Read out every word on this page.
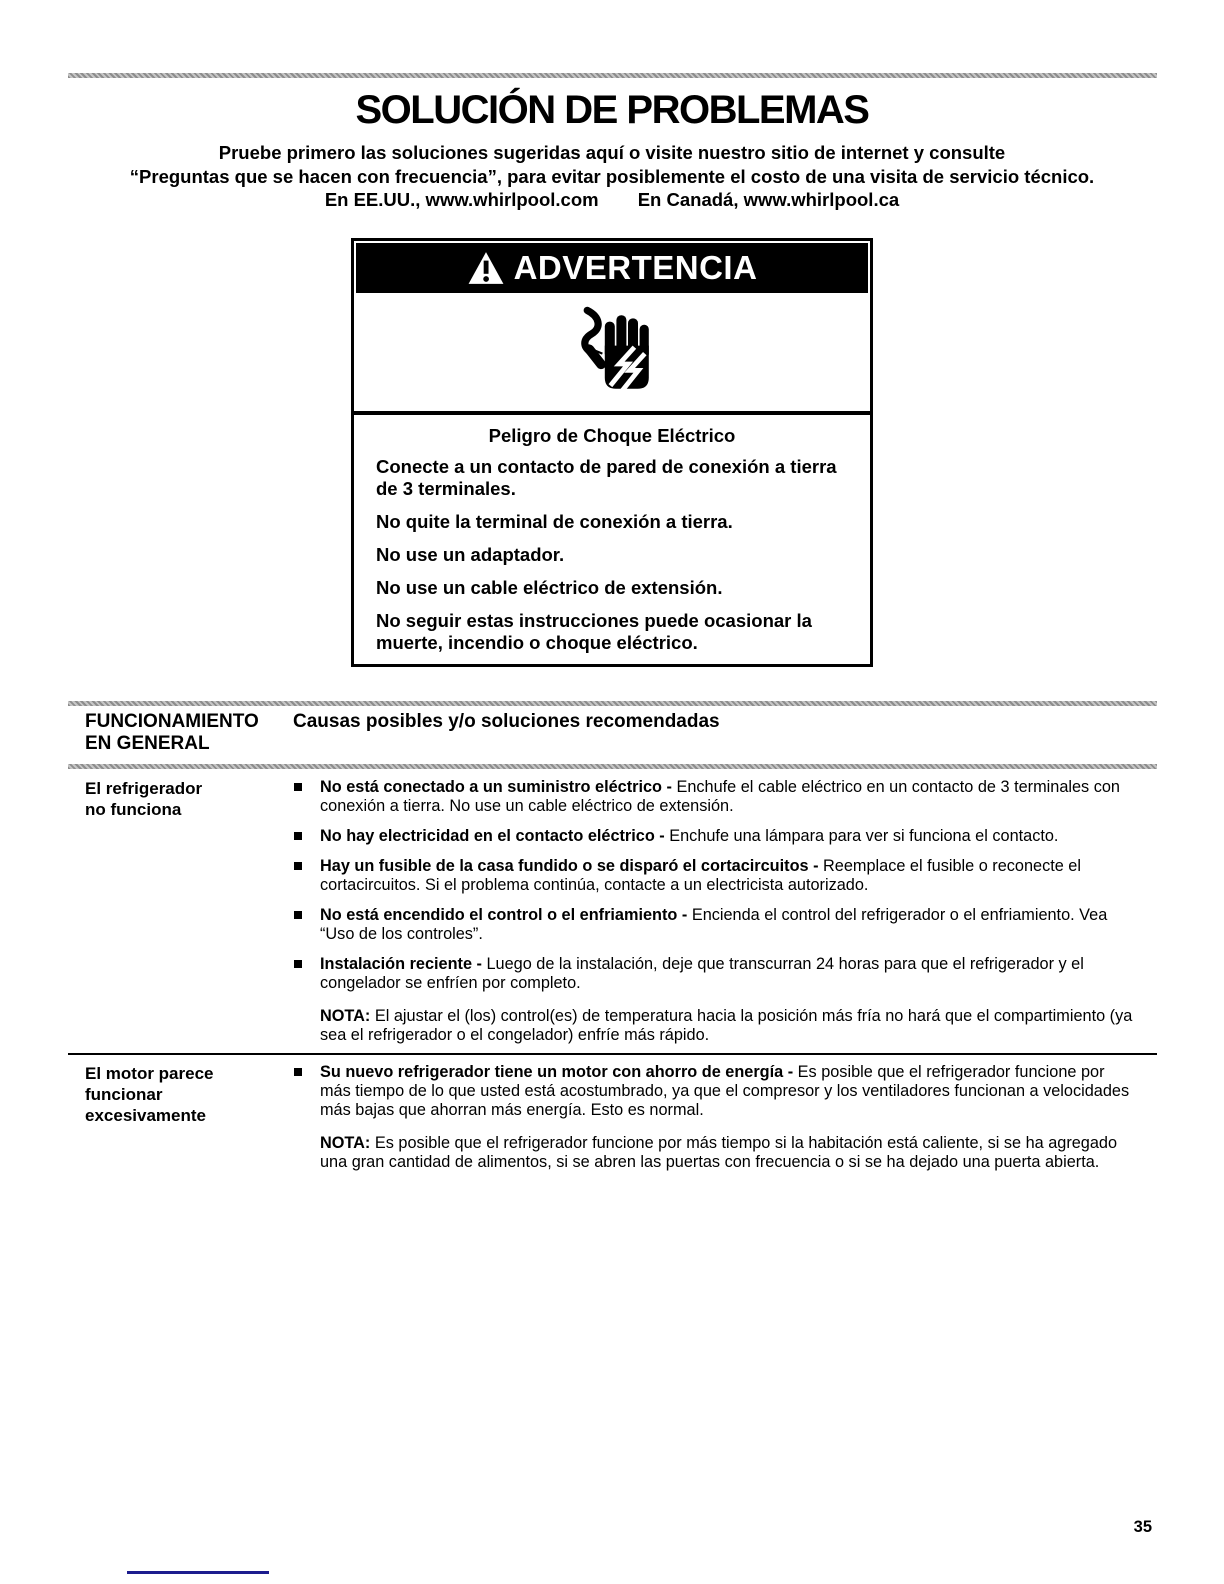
SOLUCIÓN DE PROBLEMAS
Pruebe primero las soluciones sugeridas aquí o visite nuestro sitio de internet y consulte
“Preguntas que se hacen con frecuencia”, para evitar posiblemente el costo de una visita de servicio técnico.
En EE.UU., www.whirlpool.com En Canadá, www.whirlpool.ca
ADVERTENCIA
Peligro de Choque Eléctrico

Conecte a un contacto de pared de conexión a tierra de 3 terminales.

No quite la terminal de conexión a tierra.

No use un adaptador.

No use un cable eléctrico de extensión.

No seguir estas instrucciones puede ocasionar la muerte, incendio o choque eléctrico.

FUNCIONAMIENTO
EN GENERAL
Causas posibles y/o soluciones recomendadas
El refrigerador
no funciona
No está conectado a un suministro eléctrico - Enchufe el cable eléctrico en un contacto de 3 terminales con conexión a tierra. No use un cable eléctrico de extensión.
No hay electricidad en el contacto eléctrico - Enchufe una lámpara para ver si funciona el contacto.
Hay un fusible de la casa fundido o se disparó el cortacircuitos - Reemplace el fusible o reconecte el cortacircuitos. Si el problema continúa, contacte a un electricista autorizado.
No está encendido el control o el enfriamiento - Encienda el control del refrigerador o el enfriamiento. Vea “Uso de los controles”.
Instalación reciente - Luego de la instalación, deje que transcurran 24 horas para que el refrigerador y el congelador se enfríen por completo.
NOTA: El ajustar el (los) control(es) de temperatura hacia la posición más fría no hará que el compartimiento (ya sea el refrigerador o el congelador) enfríe más rápido.
El motor parece
funcionar
excesivamente
Su nuevo refrigerador tiene un motor con ahorro de energía - Es posible que el refrigerador funcione por más tiempo de lo que usted está acostumbrado, ya que el compresor y los ventiladores funcionan a velocidades más bajas que ahorran más energía. Esto es normal.
NOTA: Es posible que el refrigerador funcione por más tiempo si la habitación está caliente, si se ha agregado una gran cantidad de alimentos, si se abren las puertas con frecuencia o si se ha dejado una puerta abierta.
35
